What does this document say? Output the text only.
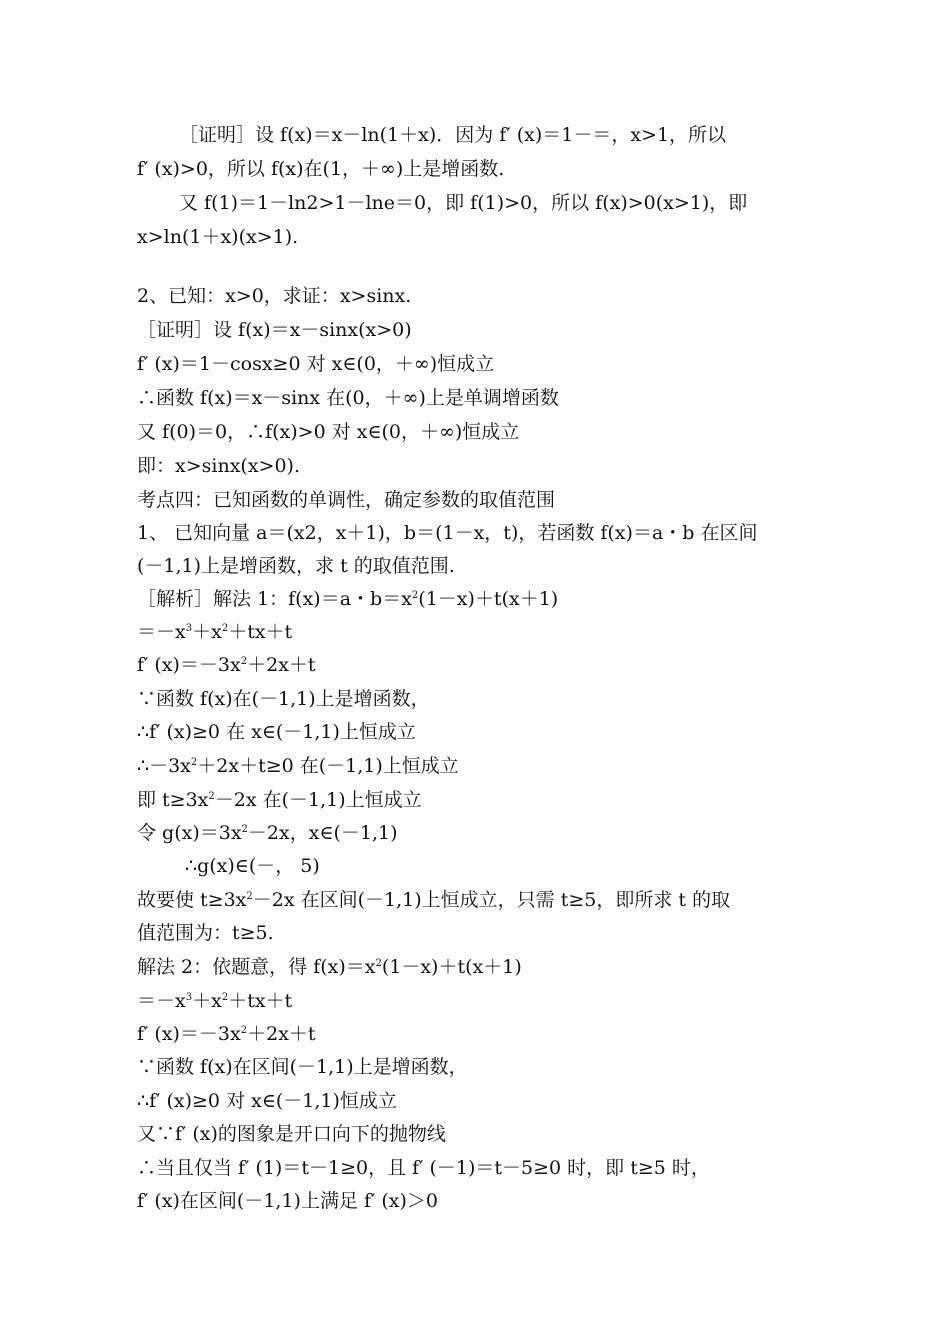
［证明］设 f(x)＝x－ln(1＋x)．因为 f′ (x)＝1－＝，x>1，所以
f′ (x)>0，所以 f(x)在(1，＋∞)上是增函数.
又 f(1)＝1－ln2>1－lne＝0，即 f(1)>0，所以 f(x)>0(x>1)，即
x>ln(1＋x)(x>1).
2、已知：x>0，求证：x>sinx.
［证明］设 f(x)＝x－sinx(x>0)
f′ (x)＝1－cosx≥0 对 x∈(0，＋∞)恒成立
∴函数 f(x)＝x－sinx 在(0，＋∞)上是单调增函数
又 f(0)＝0，∴f(x)>0 对 x∈(0，＋∞)恒成立
即：x>sinx(x>0).
考点四：已知函数的单调性，确定参数的取值范围
1、 已知向量 a＝(x2，x＋1)，b＝(1－x，t)，若函数 f(x)＝a・b 在区间
(－1,1)上是增函数，求 t 的取值范围.
［解析］解法 1：f(x)＝a・$b=x^2(1-x)+t(x+1)$
$=-x^3+x^2+tx+t$
f′ $(x)=-3x^2+2x+t$
∵函数 f(x)在(－1,1)上是增函数，
∴f′ (x)≥0 在 x∈(－1,1)上恒成立
$\therefore-3x^2+2x+t\ge 0$ 在(－1,1)上恒成立
即 $t\ge 3x^2-2x$ 在(－1,1)上恒成立
令 $g(x)=3x^2-2x$，x∈(－1,1)
∴g(x)∈(－， 5)
故要使 $t\ge 3x^2-2x$ 在区间(－1,1)上恒成立，只需 t≥5，即所求 t 的取
值范围为：t≥5.
解法 2：依题意，得 $f(x)=x^2(1-x)+t(x+1)$
$=-x^3+x^2+tx+t$
f′ $(x)=-3x^2+2x+t$
∵函数 f(x)在区间(－1,1)上是增函数，
∴f′ (x)≥0 对 x∈(－1,1)恒成立
又∵f′ (x)的图象是开口向下的抛物线
∴当且仅当 f′ (1)＝t－1≥0，且 f′ (－1)＝t－5≥0 时，即 t≥5 时，
f′ (x)在区间(－1,1)上满足 f′ (x)＞0
